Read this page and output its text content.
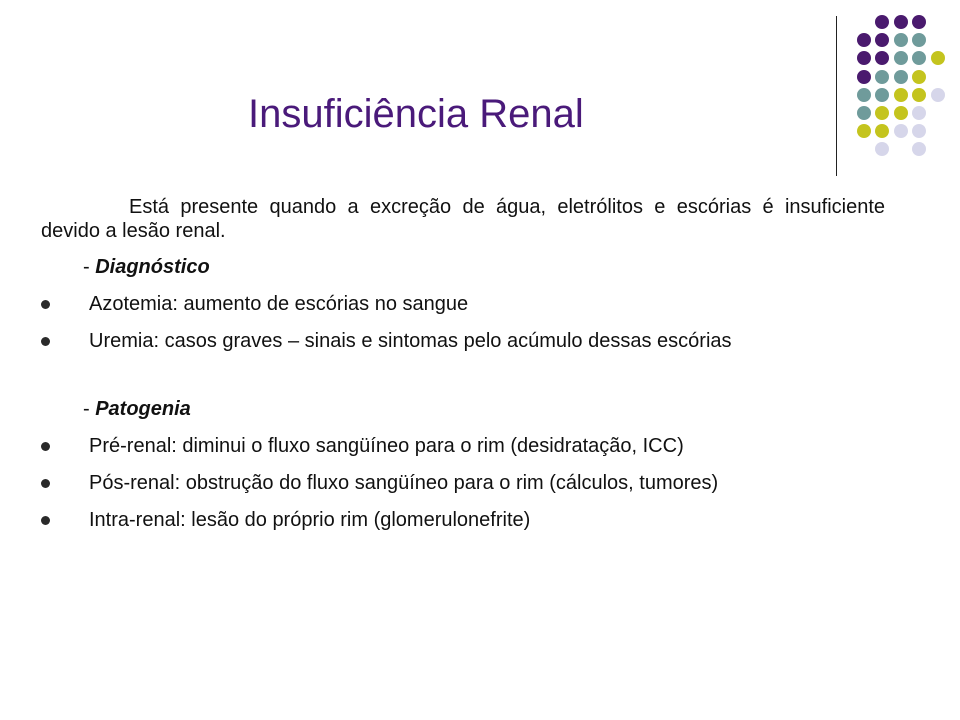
Insuficiência Renal

Está presente quando a excreção de água, eletrólitos e escórias é insuficiente devido a lesão renal.

- Diagnóstico

Azotemia: aumento de escórias no sangue
Uremia: casos graves – sinais e sintomas pelo acúmulo dessas escórias

- Patogenia

Pré-renal: diminui o fluxo sangüíneo para o rim (desidratação, ICC)
Pós-renal: obstrução do fluxo sangüíneo para o rim (cálculos, tumores)
Intra-renal: lesão do próprio rim (glomerulonefrite)
